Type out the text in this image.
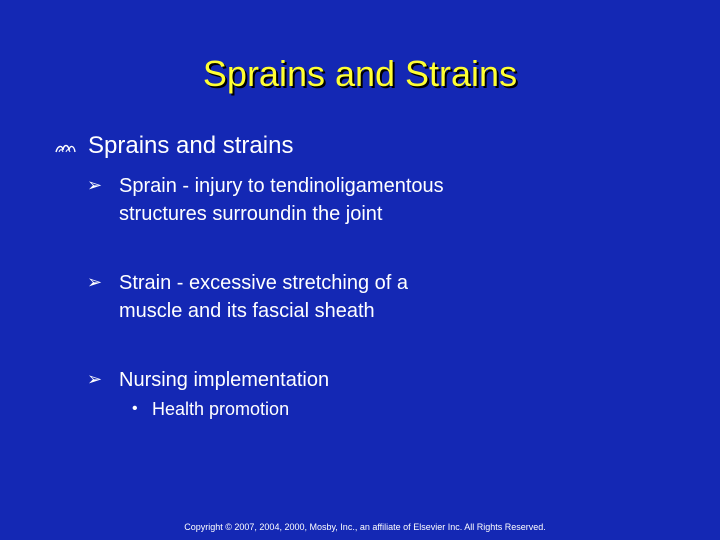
Sprains and Strains
Sprains and strains
➢ Sprain - injury to tendinoligamentous
structures surroundin the joint
➢ Strain - excessive stretching of a
muscle and its fascial sheath
➢ Nursing implementation
• Health promotion
Copyright © 2007, 2004, 2000, Mosby, Inc., an affiliate of Elsevier Inc. All Rights Reserved.
